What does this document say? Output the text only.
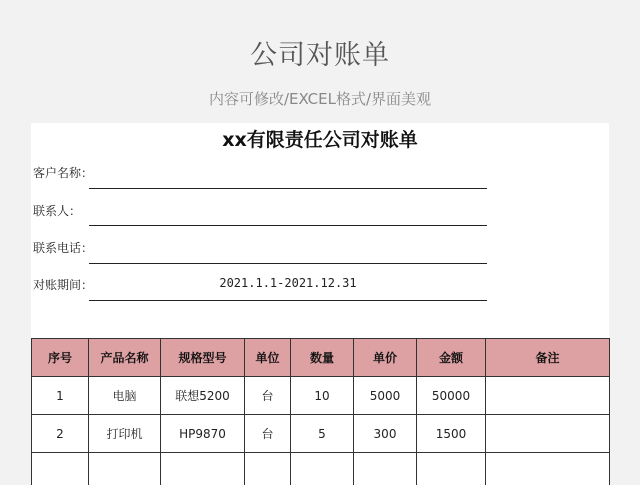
公司对账单
内容可修改/EXCEL格式/界面美观
xx有限责任公司对账单
客户名称：
联系人：
联系电话：
对账期间：	2021.1.1-2021.12.31
序号	产品名称	规格型号	单位	数量	单价	金额	备注
1	电脑	联想5200	台	10	5000	50000	
2	打印机	HP9870	台	5	300	1500	
